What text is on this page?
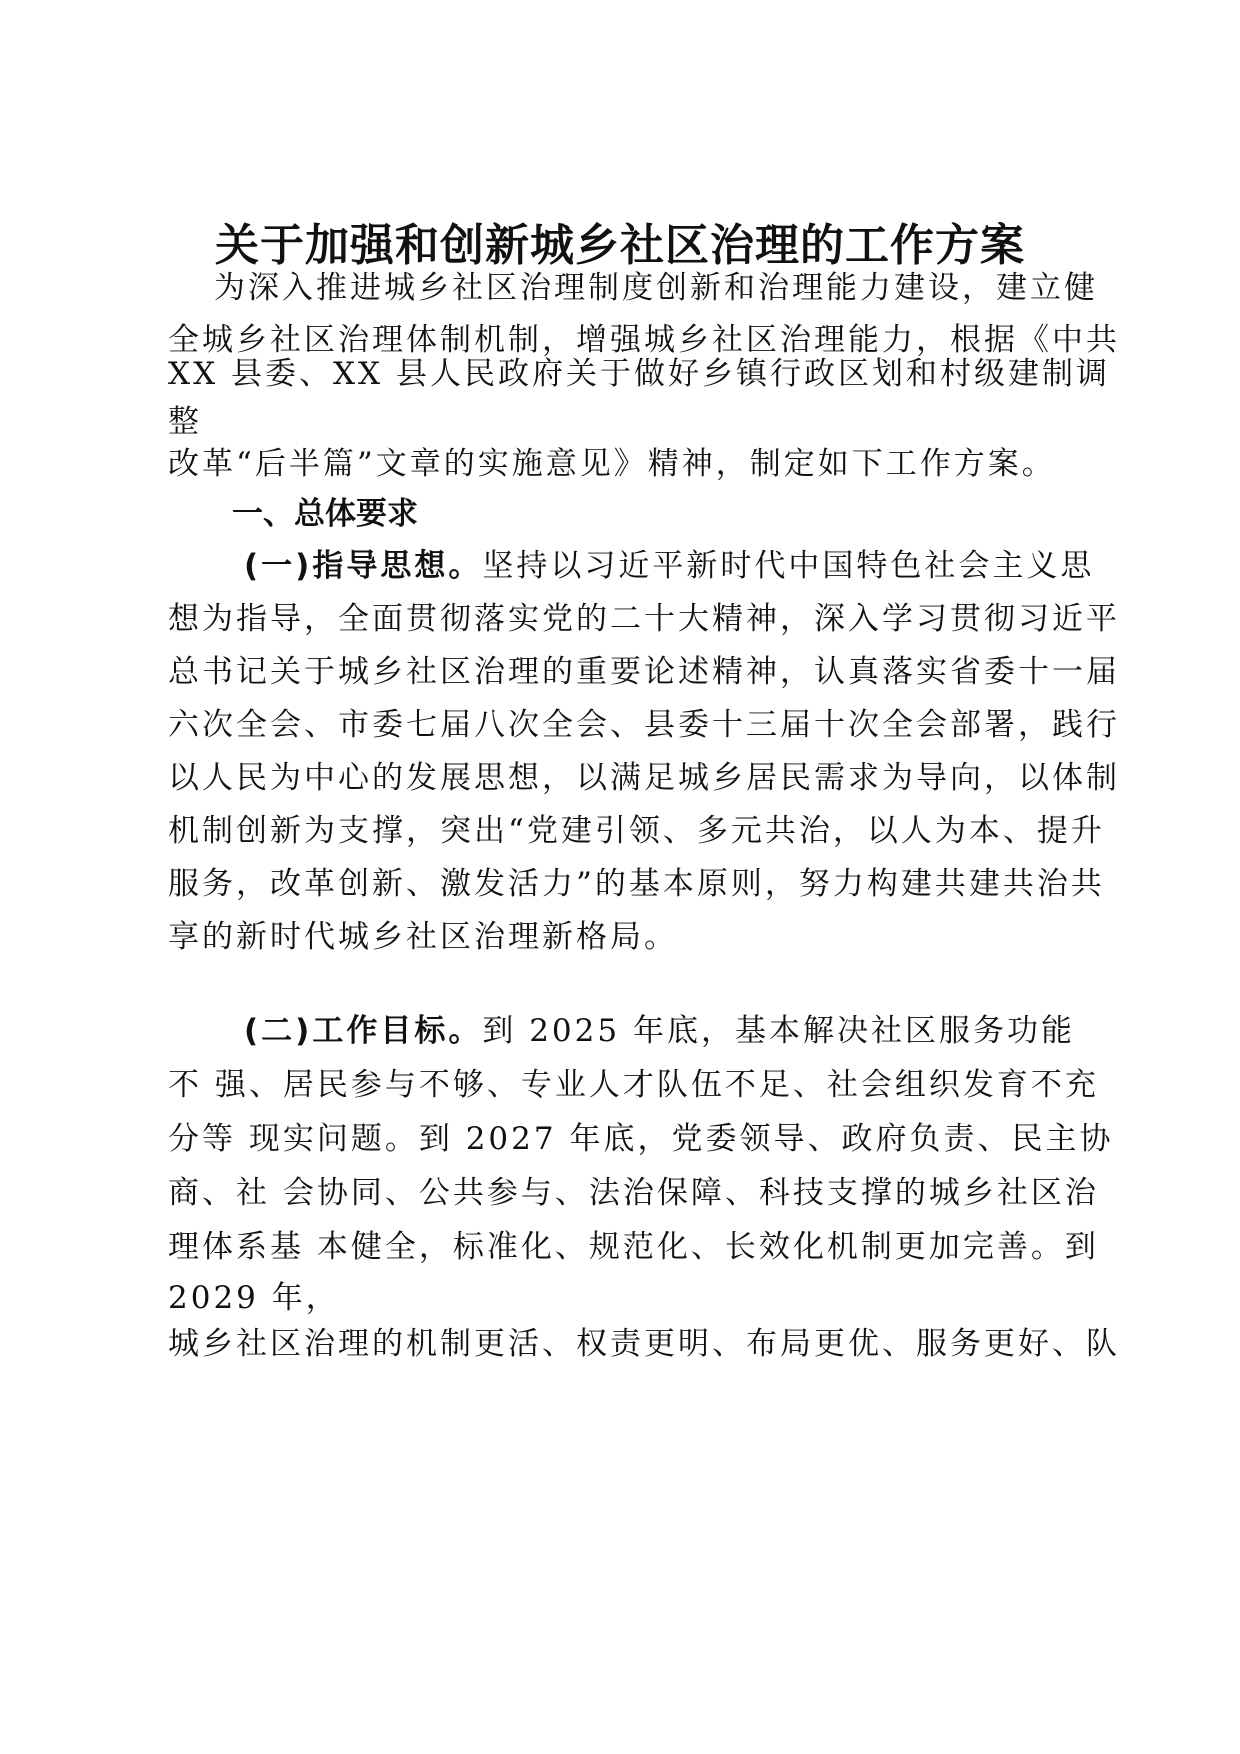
关于加强和创新城乡社区治理的工作方案

为深入推进城乡社区治理制度创新和治理能力建设，建立健

全城乡社区治理体制机制，增强城乡社区治理能力，根据《中共

XX 县委、XX 县人民政府关于做好乡镇行政区划和村级建制调

整

改革“后半篇”文章的实施意见》精神，制定如下工作方案。

一、总体要求

(一)指导思想。坚持以习近平新时代中国特色社会主义思

想为指导，全面贯彻落实党的二十大精神，深入学习贯彻习近平

总书记关于城乡社区治理的重要论述精神，认真落实省委十一届

六次全会、市委七届八次全会、县委十三届十次全会部署，践行

以人民为中心的发展思想，以满足城乡居民需求为导向，以体制

机制创新为支撑，突出“党建引领、多元共治，以人为本、提升

服务，改革创新、激发活力”的基本原则，努力构建共建共治共

享的新时代城乡社区治理新格局。

(二)工作目标。到 2025 年底，基本解决社区服务功能

不 强、居民参与不够、专业人才队伍不足、社会组织发育不充

分等 现实问题。到 2027 年底，党委领导、政府负责、民主协

商、社 会协同、公共参与、法治保障、科技支撑的城乡社区治

理体系基 本健全，标准化、规范化、长效化机制更加完善。到

2029 年，

城乡社区治理的机制更活、权责更明、布局更优、服务更好、队
